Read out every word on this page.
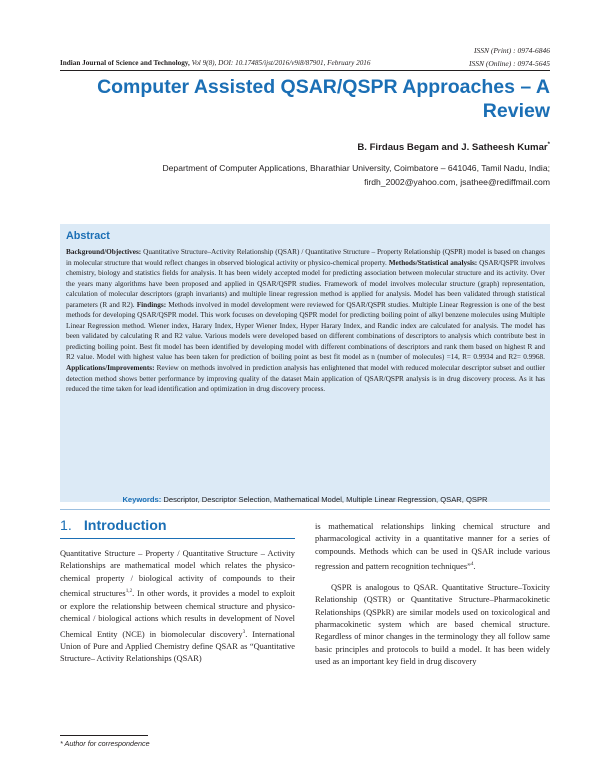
ISSN (Print) : 0974-6846
Indian Journal of Science and Technology, Vol 9(8), DOI: 10.17485/ijst/2016/v9i8/87901, February 2016	ISSN (Online) : 0974-5645
Computer Assisted QSAR/QSPR Approaches – A Review
B. Firdaus Begam and J. Satheesh Kumar*
Department of Computer Applications, Bharathiar University, Coimbatore – 641046, Tamil Nadu, India;
firdh_2002@yahoo.com, jsathee@rediffmail.com
Abstract

Background/Objectives: Quantitative Structure–Activity Relationship (QSAR) / Quantitative Structure – Property Relationship (QSPR) model is based on changes in molecular structure that would reflect changes in observed biological activity or physico-chemical property. Methods/Statistical analysis: QSAR/QSPR involves chemistry, biology and statistics fields for analysis. It has been widely accepted model for predicting association between molecular structure and its activity. Over the years many algorithms have been proposed and applied in QSAR/QSPR studies. Framework of model involves molecular structure (graph) representation, calculation of molecular descriptors (graph invariants) and multiple linear regression method is applied for analysis. Model has been validated through statistical parameters (R and R2). Findings: Methods involved in model development were reviewed for QSAR/QSPR studies. Multiple Linear Regression is one of the best methods for developing QSAR/QSPR model. This work focuses on developing QSPR model for predicting boiling point of alkyl benzene molecules using Multiple Linear Regression method. Wiener index, Harary Index, Hyper Wiener Index, Hyper Harary Index, and Randic index are calculated for analysis. The model has been validated by calculating R and R2 value. Various models were developed based on different combinations of descriptors to analysis which contribute best in predicting boiling point. Best fit model has been identified by developing model with different combinations of descriptors and rank them based on highest R and R2 value. Model with highest value has been taken for prediction of boiling point as best fit model as n (number of molecules) =14, R= 0.9934 and R2= 0.9968. Applications/Improvements: Review on methods involved in prediction analysis has enlightened that model with reduced molecular descriptor subset and outlier detection method shows better performance by improving quality of the dataset Main application of QSAR/QSPR analysis is in drug discovery process. As it has reduced the time taken for lead identification and optimization in drug discovery process.

Keywords: Descriptor, Descriptor Selection, Mathematical Model, Multiple Linear Regression, QSAR, QSPR
1. Introduction

Quantitative Structure – Property / Quantitative Structure – Activity Relationships are mathematical model which relates the physico-chemical property / biological activity of compounds to their chemical structures$^{1,2}$. In other words, it provides a model to exploit or explore the relationship between chemical structure and physico-chemical / biological actions which results in development of Novel Chemical Entity (NCE) in biomolecular discovery$^3$. International Union of Pure and Applied Chemistry define QSAR as “Quantitative Structure– Activity Relationships (QSAR)

is mathematical relationships linking chemical structure and pharmacological activity in a quantitative manner for a series of compounds. Methods which can be used in QSAR include various regression and pattern recognition techniques”$^4$.

QSPR is analogous to QSAR. Quantitative Structure–Toxicity Relationship (QSTR) or Quantitative Structure–Pharmacokinetic Relationships (QSPkR) are similar models used on toxicological and pharmacokinetic system which are based chemical structure. Regardless of minor changes in the terminology they all follow same basic principles and protocols to build a model. It has been widely used as an important key field in drug discovery

* Author for correspondence
